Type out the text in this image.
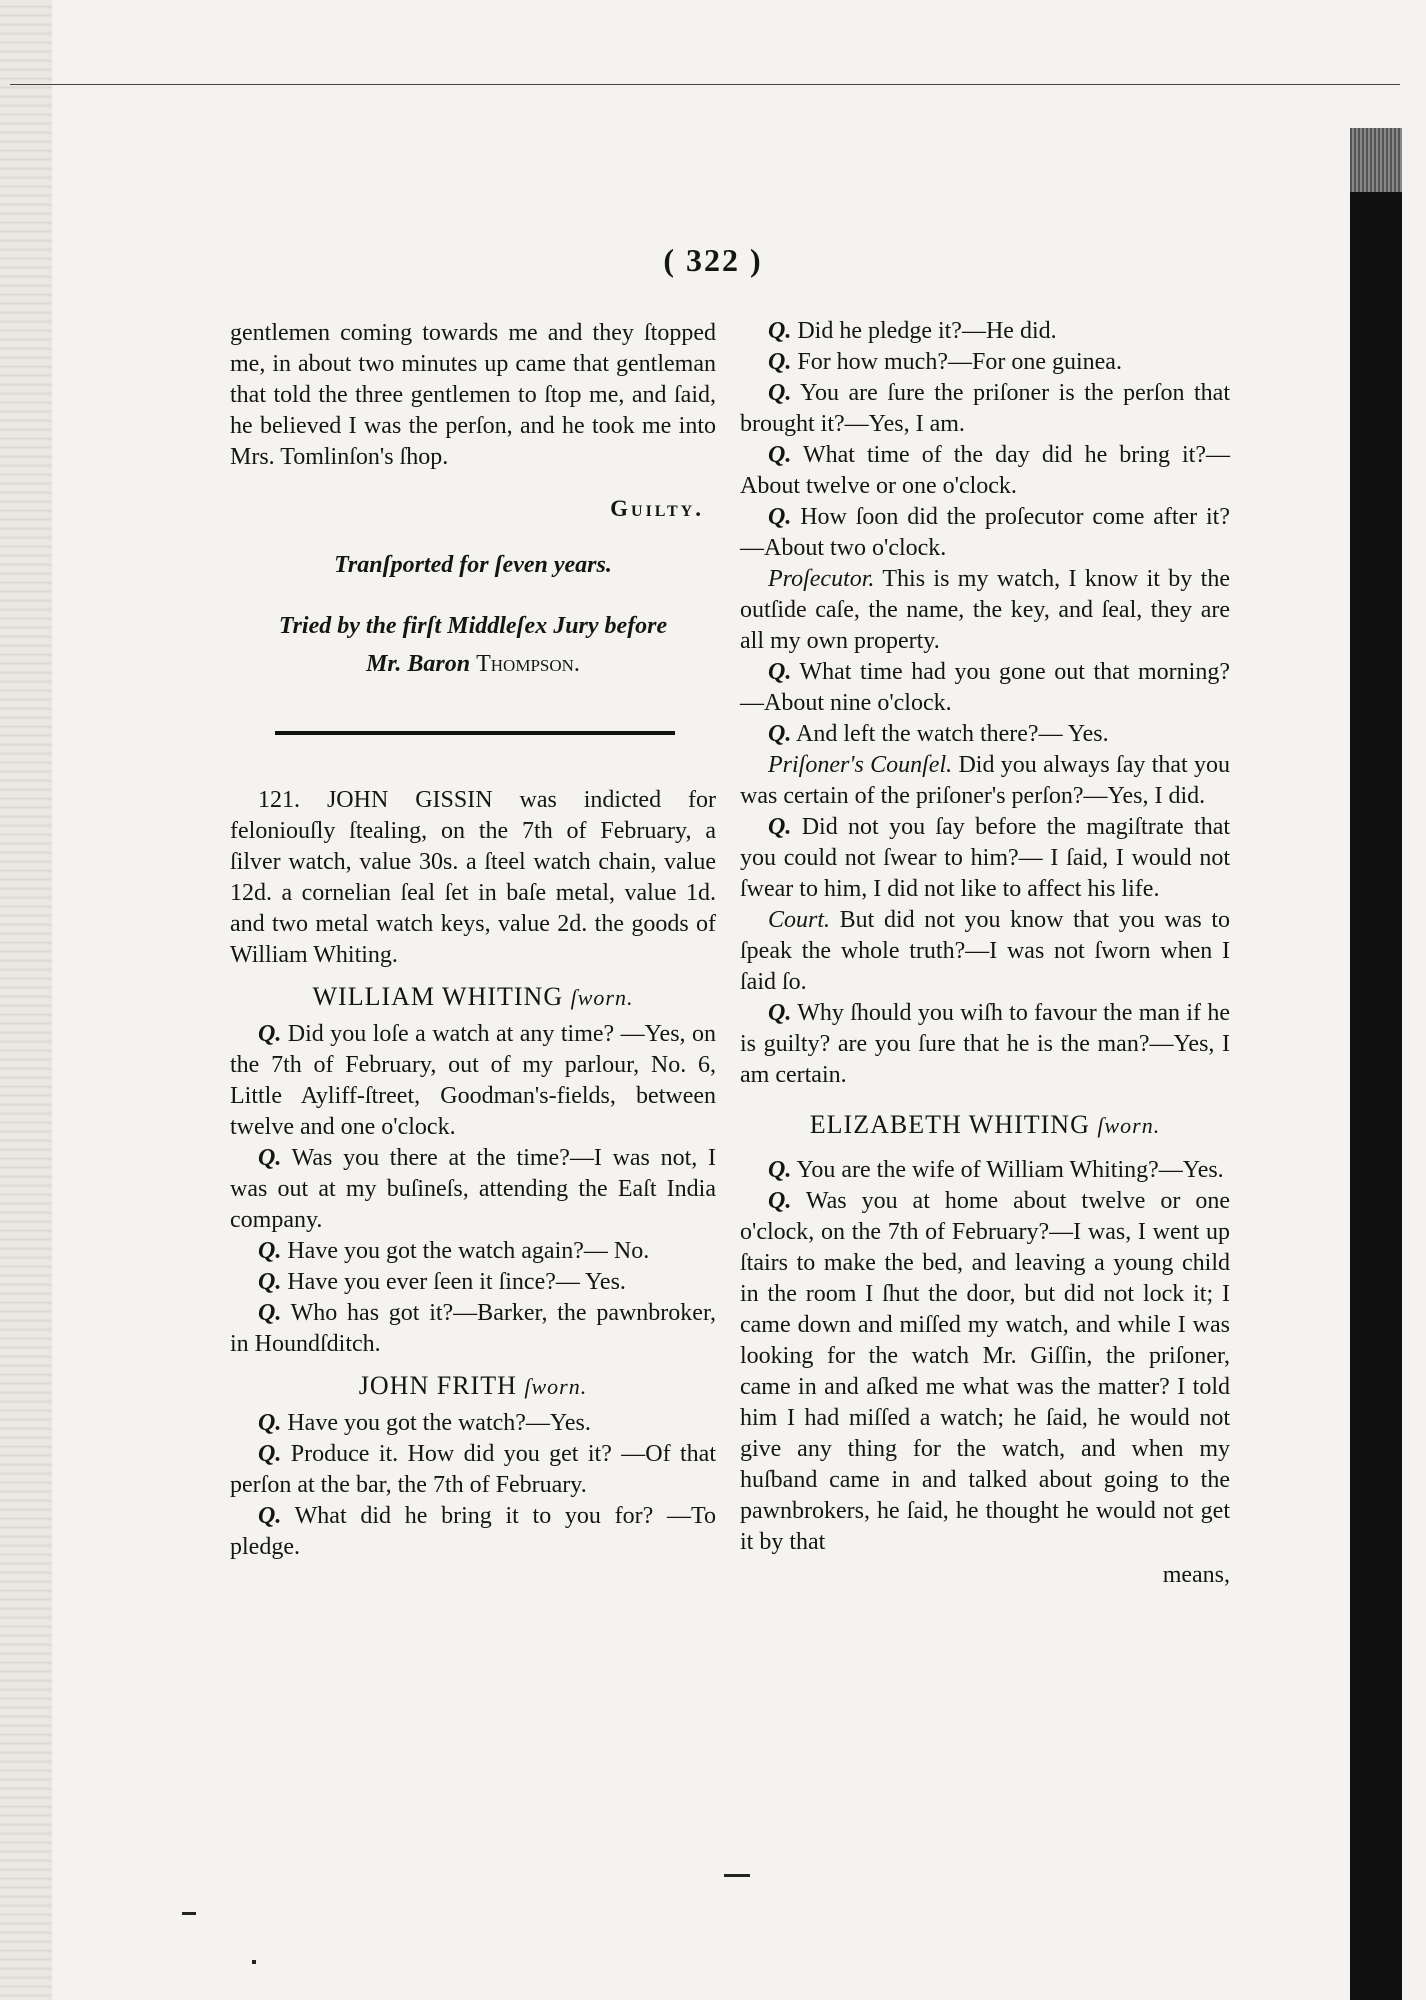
( 322 )

gentlemen coming towards me and they ſtopped me, in about two minutes up came that gentleman that told the three gentlemen to ſtop me, and ſaid, he believed I was the perſon, and he took me into Mrs. Tomlinſon's ſhop.

Guilty.
Tranſported for ſeven years.
Tried by the firſt Middleſex Jury before
Mr. Baron Thompson.

121. JOHN GISSIN was indicted for feloniouſly ſtealing, on the 7th of February, a ſilver watch, value 30s. a ſteel watch chain, value 12d. a cornelian ſeal ſet in baſe metal, value 1d. and two metal watch keys, value 2d. the goods of William Whiting.

WILLIAM WHITING ſworn.

Q. Did you loſe a watch at any time? —Yes, on the 7th of February, out of my parlour, No. 6, Little Ayliff-ſtreet, Goodman's-fields, between twelve and one o'clock.

Q. Was you there at the time?—I was not, I was out at my buſineſs, attending the Eaſt India company.

Q. Have you got the watch again?— No.

Q. Have you ever ſeen it ſince?— Yes.

Q. Who has got it?—Barker, the pawnbroker, in Houndſditch.

JOHN FRITH ſworn.

Q. Have you got the watch?—Yes.

Q. Produce it. How did you get it? —Of that perſon at the bar, the 7th of February.

Q. What did he bring it to you for? —To pledge.

Q. Did he pledge it?—He did.

Q. For how much?—For one guinea.

Q. You are ſure the priſoner is the perſon that brought it?—Yes, I am.

Q. What time of the day did he bring it?—About twelve or one o'clock.

Q. How ſoon did the proſecutor come after it?—About two o'clock.

Proſecutor. This is my watch, I know it by the outſide caſe, the name, the key, and ſeal, they are all my own property.

Q. What time had you gone out that morning?—About nine o'clock.

Q. And left the watch there?— Yes.

Priſoner's Counſel. Did you always ſay that you was certain of the priſoner's perſon?—Yes, I did.

Q. Did not you ſay before the magiſtrate that you could not ſwear to him?— I ſaid, I would not ſwear to him, I did not like to affect his life.

Court. But did not you know that you was to ſpeak the whole truth?—I was not ſworn when I ſaid ſo.

Q. Why ſhould you wiſh to favour the man if he is guilty? are you ſure that he is the man?—Yes, I am certain.

ELIZABETH WHITING ſworn.

Q. You are the wife of William Whiting?—Yes.

Q. Was you at home about twelve or one o'clock, on the 7th of February?—I was, I went up ſtairs to make the bed, and leaving a young child in the room I ſhut the door, but did not lock it; I came down and miſſed my watch, and while I was looking for the watch Mr. Giſſin, the priſoner, came in and aſked me what was the matter? I told him I had miſſed a watch; he ſaid, he would not give any thing for the watch, and when my huſband came in and talked about going to the pawnbrokers, he ſaid, he thought he would not get it by that

means,
